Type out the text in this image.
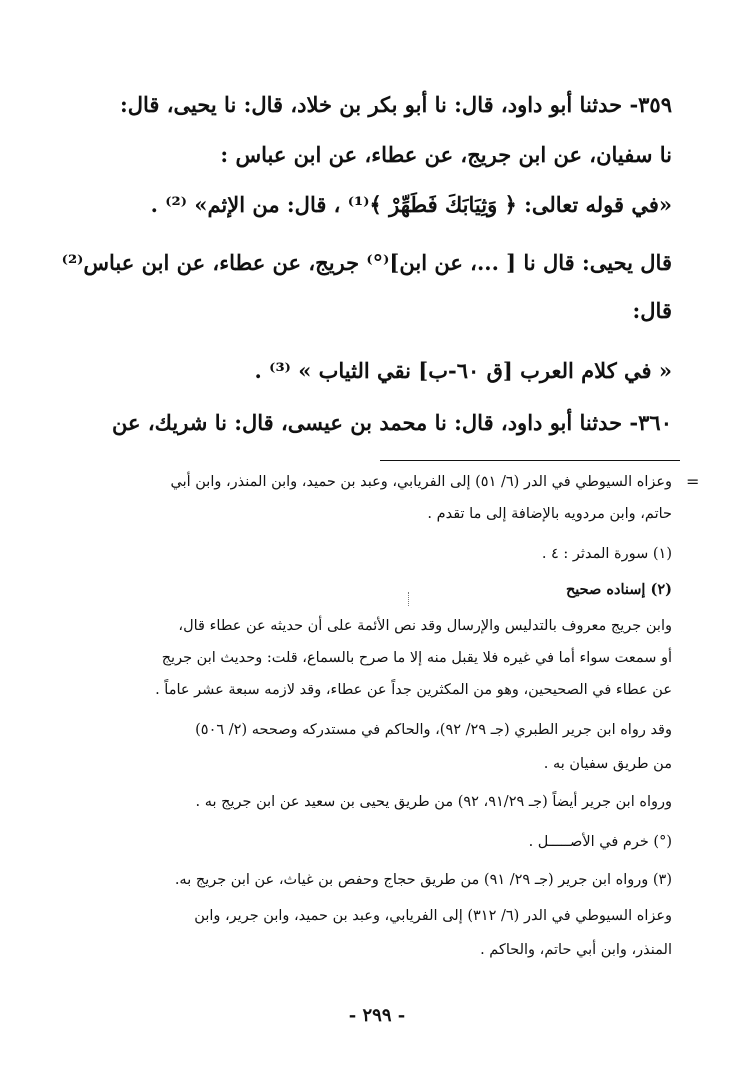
٣٥٩- حدثنا أبو داود، قال: نا أبو بكر بن خلاد، قال: نا يحيى، قال:
نا سفيان، عن ابن جريج، عن عطاء، عن ابن عباس :
«في قوله تعالى: ﴿ وَثِيَابَكَ فَطَهِّرْ ﴾⁽¹⁾ ، قال: من الإثم» ⁽²⁾ .
قال يحيى: قال نا [ ...، عن ابن]⁽°⁾ جريج، عن عطاء، عن ابن عباس⁽²⁾
قال:
« في كلام العرب [ق ٦٠-ب] نقي الثياب » ⁽³⁾ .
٣٦٠- حدثنا أبو داود، قال: نا محمد بن عيسى، قال: نا شريك، عن
=
وعزاه السيوطي في الدر (٦/ ٥١) إلى الفريابي، وعبد بن حميد، وابن المنذر، وابن أبي
حاتم، وابن مردويه بالإضافة إلى ما تقدم .
(١) سورة المدثر : ٤ .
(٢) إسناده صحيح
وابن جريج معروف بالتدليس والإرسال وقد نص الأئمة على أن حديثه عن عطاء قال،
أو سمعت سواء أما في غيره فلا يقبل منه إلا ما صرح بالسماع، قلت: وحديث ابن جريج
عن عطاء في الصحيحين، وهو من المكثرين جداً عن عطاء، وقد لازمه سبعة عشر عاماً .
وقد رواه ابن جرير الطبري (جـ ٢٩/ ٩٢)، والحاكم في مستدركه وصححه (٢/ ٥٠٦)
من طريق سفيان به .
ورواه ابن جرير أيضاً (جـ ٩١/٢٩، ٩٢) من طريق يحيى بن سعيد عن ابن جريج به .
(°) خرم في الأصـــــل .
(٣) ورواه ابن جرير (جـ ٢٩/ ٩١) من طريق حجاج وحفص بن غياث، عن ابن جريج به.
وعزاه السيوطي في الدر (٦/ ٣١٢) إلى الفريابي، وعبد بن حميد، وابن جرير، وابن
المنذر، وابن أبي حاتم، والحاكم .
- ٢٩٩ -
